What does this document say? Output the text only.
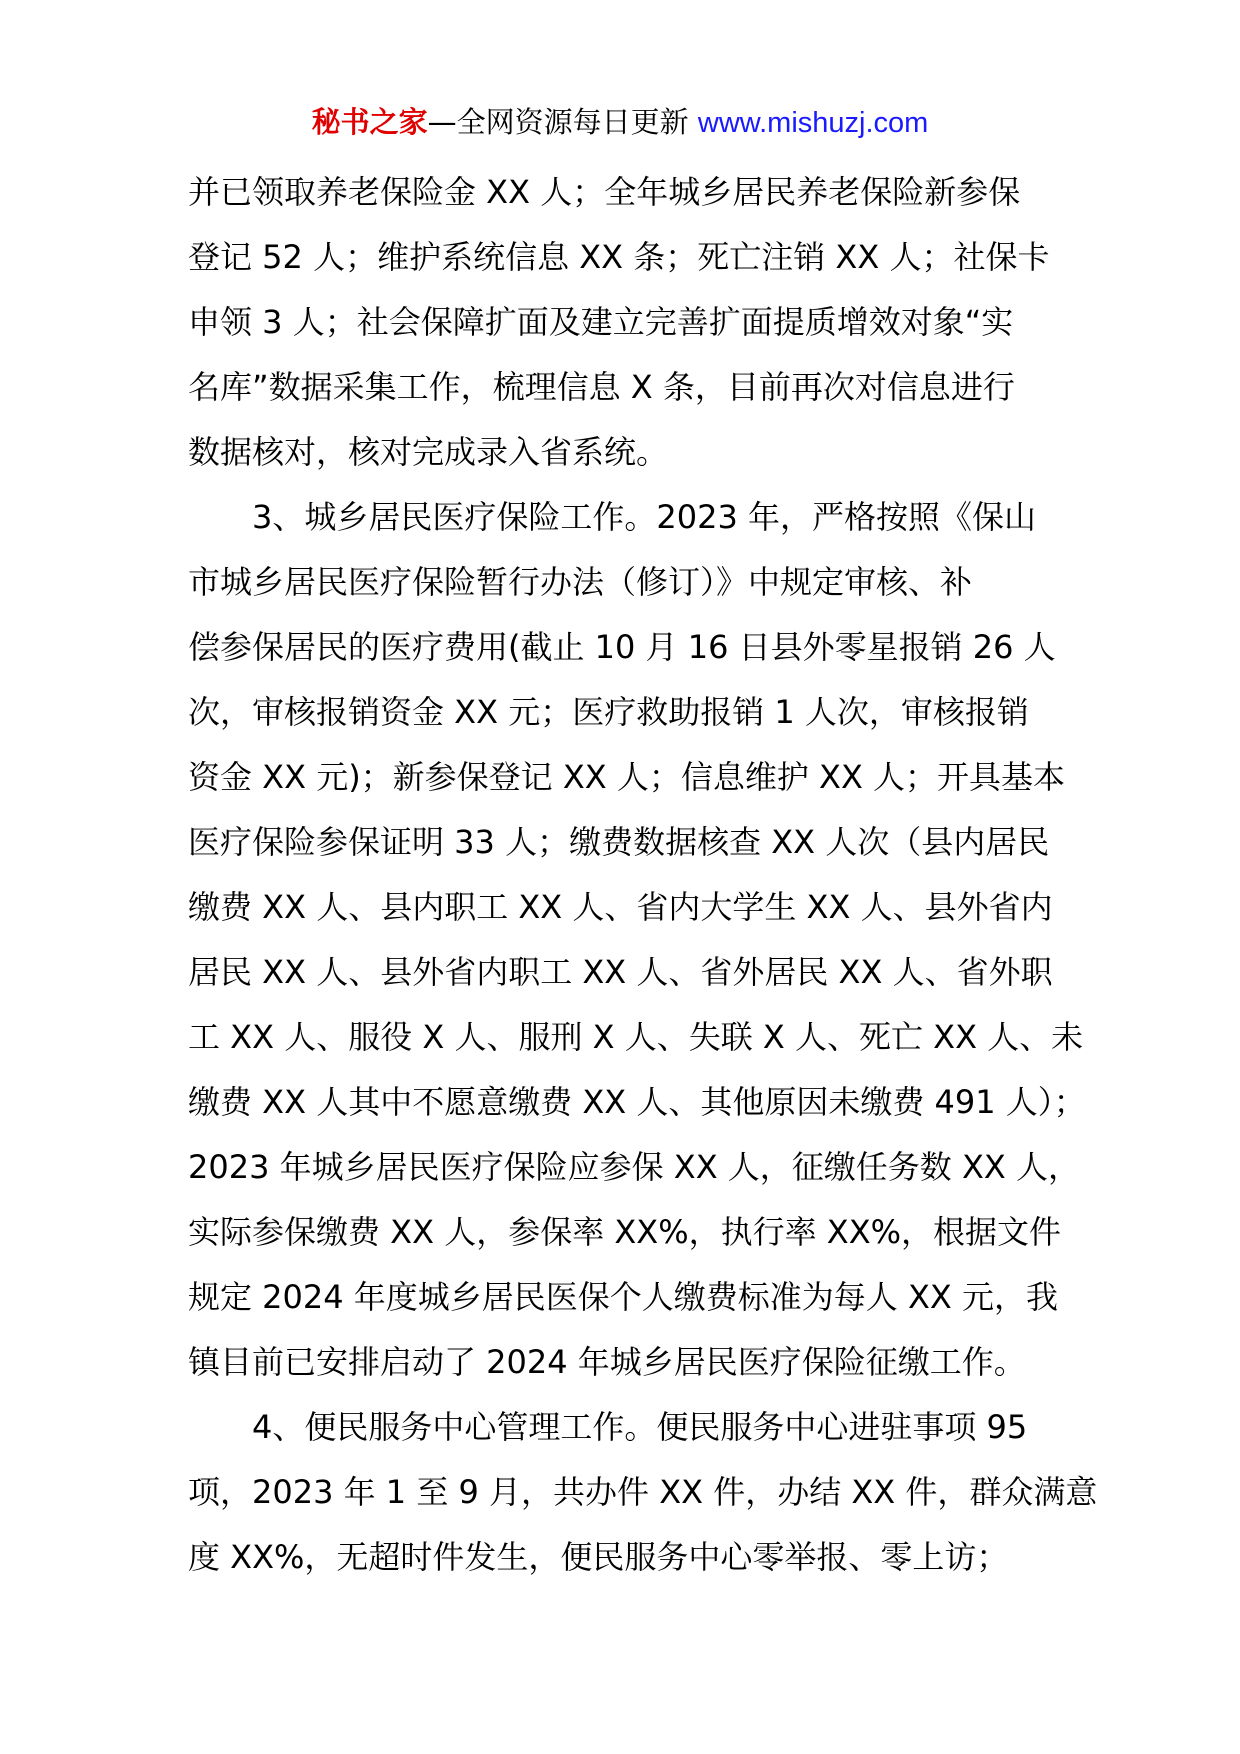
秘书之家—全网资源每日更新 www.mishuzj.com
并已领取养老保险金 XX 人；全年城乡居民养老保险新参保
登记 52 人；维护系统信息 XX 条；死亡注销 XX 人；社保卡
申领 3 人；社会保障扩面及建立完善扩面提质增效对象“实
名库”数据采集工作，梳理信息 X 条，目前再次对信息进行
数据核对，核对完成录入省系统。
3、城乡居民医疗保险工作。2023 年，严格按照《保山
市城乡居民医疗保险暂行办法（修订）》中规定审核、补
偿参保居民的医疗费用(截止 10 月 16 日县外零星报销 26 人
次，审核报销资金 XX 元；医疗救助报销 1 人次，审核报销
资金 XX 元)；新参保登记 XX 人；信息维护 XX 人；开具基本
医疗保险参保证明 33 人；缴费数据核查 XX 人次（县内居民
缴费 XX 人、县内职工 XX 人、省内大学生 XX 人、县外省内
居民 XX 人、县外省内职工 XX 人、省外居民 XX 人、省外职
工 XX 人、服役 X 人、服刑 X 人、失联 X 人、死亡 XX 人、未
缴费 XX 人其中不愿意缴费 XX 人、其他原因未缴费 491 人）；
2023 年城乡居民医疗保险应参保 XX 人，征缴任务数 XX 人，
实际参保缴费 XX 人，参保率 XX%，执行率 XX%，根据文件
规定 2024 年度城乡居民医保个人缴费标准为每人 XX 元，我
镇目前已安排启动了 2024 年城乡居民医疗保险征缴工作。
4、便民服务中心管理工作。便民服务中心进驻事项 95
项，2023 年 1 至 9 月，共办件 XX 件，办结 XX 件，群众满意
度 XX%，无超时件发生，便民服务中心零举报、零上访；
